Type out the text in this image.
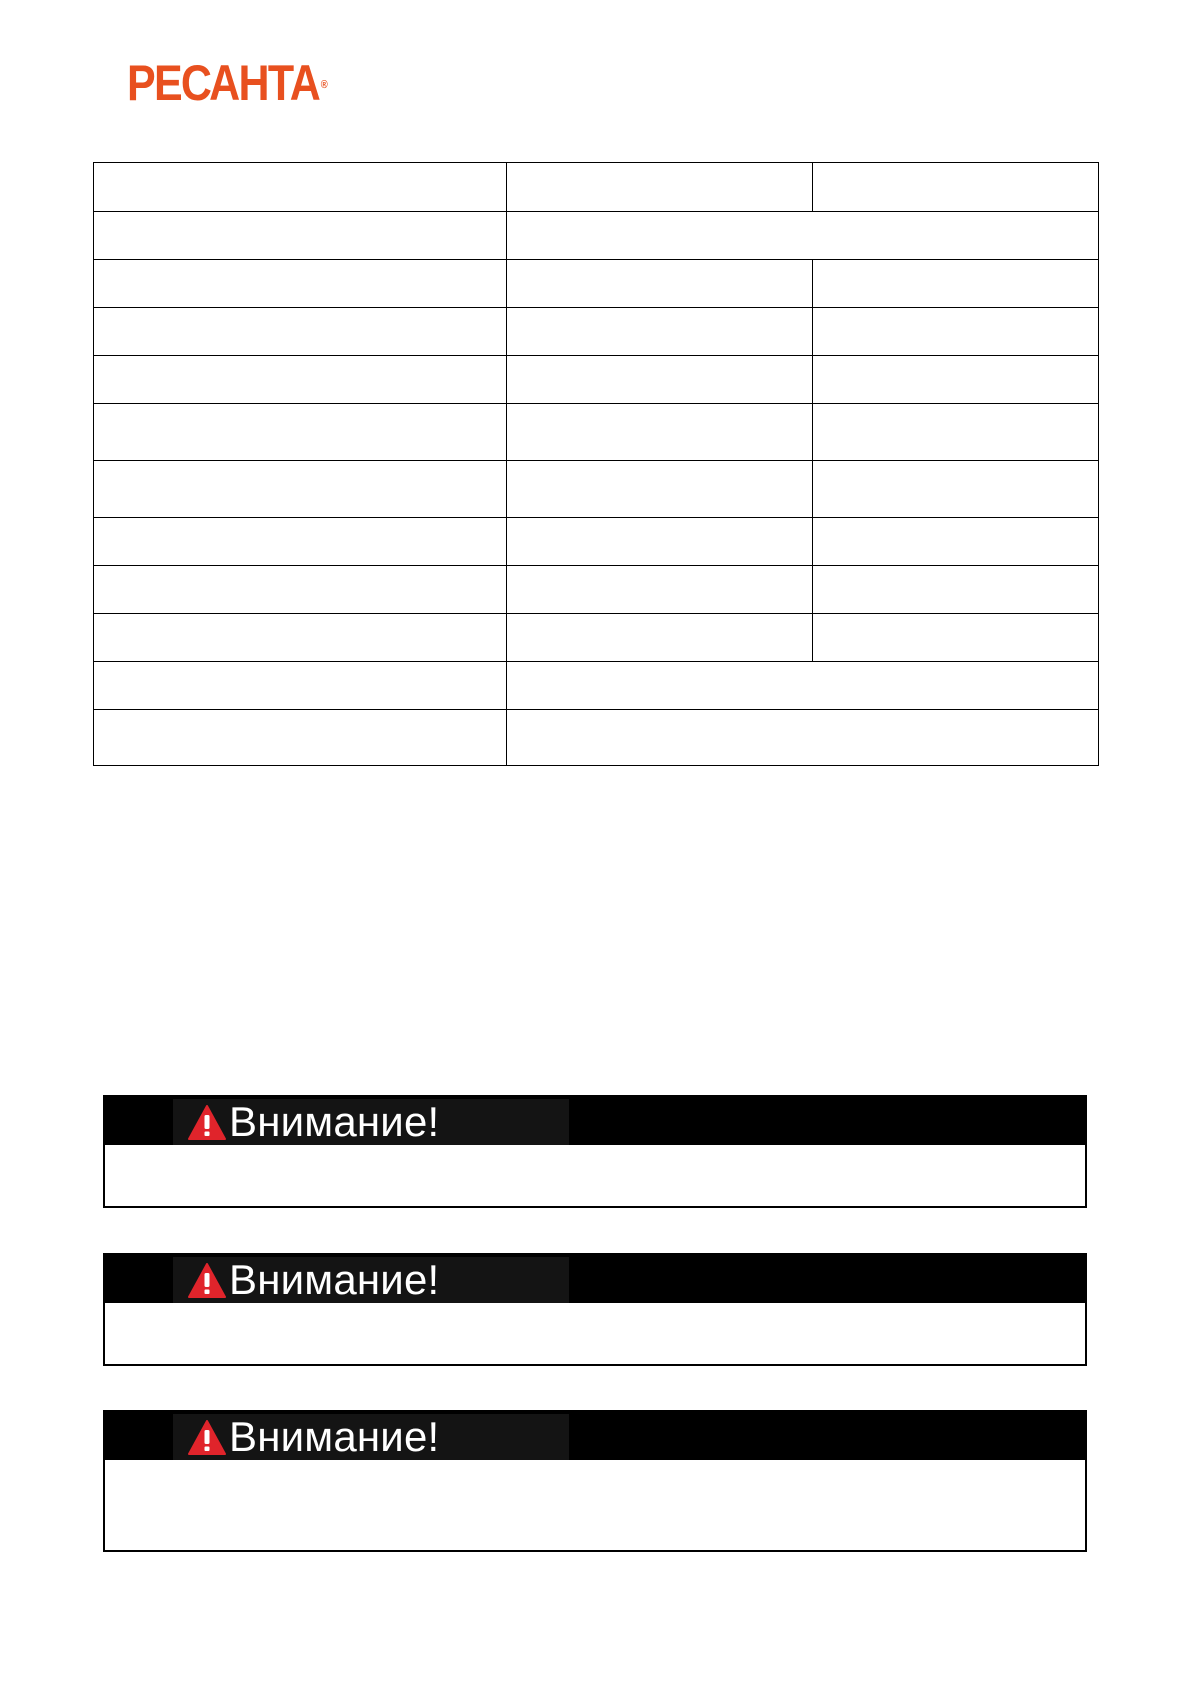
РЕСАНТА ®

Внимание!
Внимание!
Внимание!
